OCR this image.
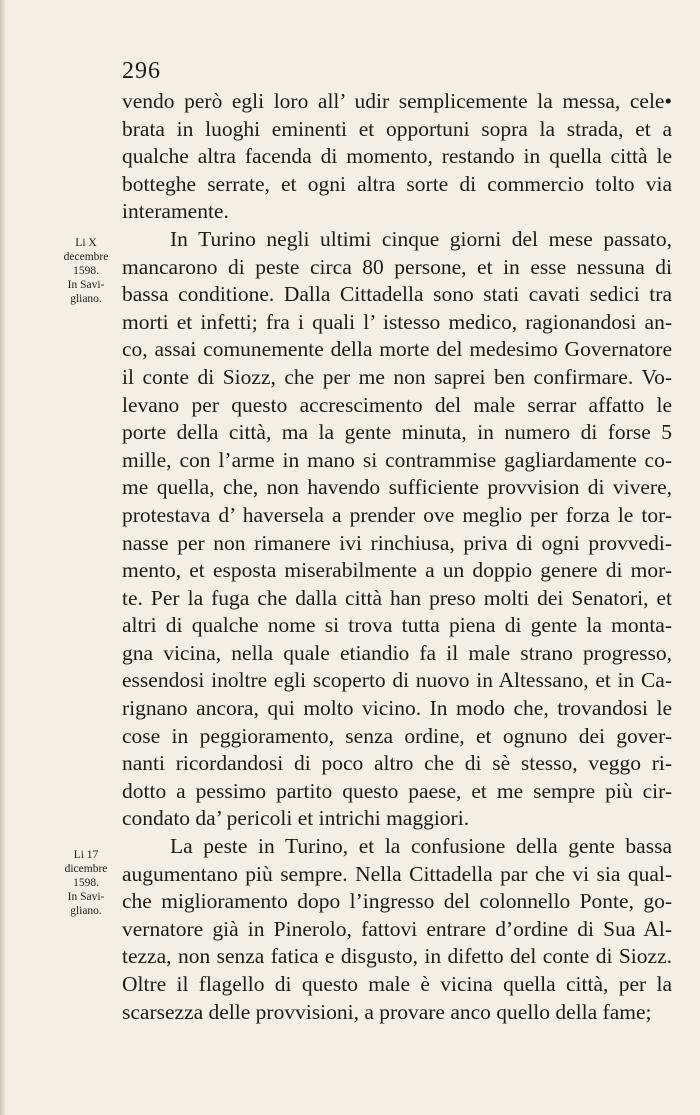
296
Li X
decembre
1598.
In Savi-
gliano.
Li 17
dicembre
1598.
In Savi-
gliano.

vendo però egli loro all’ udir semplicemente la messa, cele•
brata in luoghi eminenti et opportuni sopra la strada, et a
qualche altra facenda di momento, restando in quella città le
botteghe serrate, et ogni altra sorte di commercio tolto via
interamente.

In Turino negli ultimi cinque giorni del mese passato,
mancarono di peste circa 80 persone, et in esse nessuna di
bassa conditione. Dalla Cittadella sono stati cavati sedici tra
morti et infetti; fra i quali l’ istesso medico, ragionandosi an-
co, assai comunemente della morte del medesimo Governatore
il conte di Siozz, che per me non saprei ben confirmare. Vo-
levano per questo accrescimento del male serrar affatto le
porte della città, ma la gente minuta, in numero di forse 5
mille, con l’arme in mano si contrammise gagliardamente co-
me quella, che, non havendo sufficiente provvision di vivere,
protestava d’ haversela a prender ove meglio per forza le tor-
nasse per non rimanere ivi rinchiusa, priva di ogni provvedi-
mento, et esposta miserabilmente a un doppio genere di mor-
te. Per la fuga che dalla città han preso molti dei Senatori, et
altri di qualche nome si trova tutta piena di gente la monta-
gna vicina, nella quale etiandio fa il male strano progresso,
essendosi inoltre egli scoperto di nuovo in Altessano, et in Ca-
rignano ancora, qui molto vicino. In modo che, trovandosi le
cose in peggioramento, senza ordine, et ognuno dei gover-
nanti ricordandosi di poco altro che di sè stesso, veggo ri-
dotto a pessimo partito questo paese, et me sempre più cir-
condato da’ pericoli et intrichi maggiori.

La peste in Turino, et la confusione della gente bassa
augumentano più sempre. Nella Cittadella par che vi sia qual-
che miglioramento dopo l’ingresso del colonnello Ponte, go-
vernatore già in Pinerolo, fattovi entrare d’ordine di Sua Al-
tezza, non senza fatica e disgusto, in difetto del conte di Siozz.
Oltre il flagello di questo male è vicina quella città, per la
scarsezza delle provvisioni, a provare anco quello della fame;
